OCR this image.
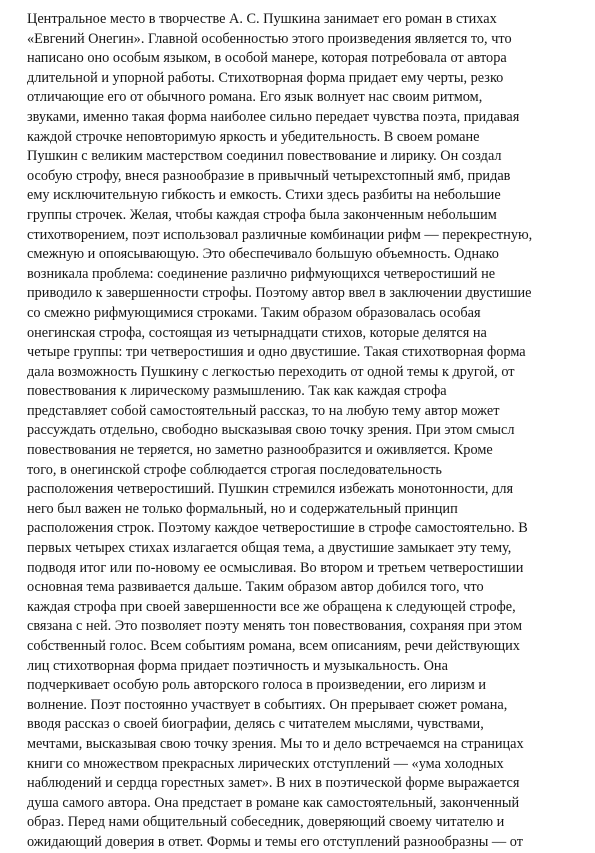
Центральное место в творчестве А. С. Пушкина занимает его роман в стихах
«Евгений Онегин». Главной особенностью этого произведения является то, что
написано оно особым языком, в особой манере, которая потребовала от автора
длительной и упорной работы. Стихотворная форма придает ему черты, резко
отличающие его от обычного романа. Его язык волнует нас своим ритмом,
звуками, именно такая форма наиболее сильно передает чувства поэта, придавая
каждой строчке неповторимую яркость и убедительность. В своем романе
Пушкин с великим мастерством соединил повествование и лирику. Он создал
особую строфу, внеся разнообразие в привычный четырехстопный ямб, придав
ему исключительную гибкость и емкость. Стихи здесь разбиты на небольшие
группы строчек. Желая, чтобы каждая строфа была законченным небольшим
стихотворением, поэт использовал различные комбинации рифм — перекрестную,
смежную и опоясывающую. Это обеспечивало большую объемность. Однако
возникала проблема: соединение различно рифмующихся четверостиший не
приводило к завершенности строфы. Поэтому автор ввел в заключении двустишие
со смежно рифмующимися строками. Таким образом образовалась особая
онегинская строфа, состоящая из четырнадцати стихов, которые делятся на
четыре группы: три четверостишия и одно двустишие. Такая стихотворная форма
дала возможность Пушкину с легкостью переходить от одной темы к другой, от
повествования к лирическому размышлению. Так как каждая строфа
представляет собой самостоятельный рассказ, то на любую тему автор может
рассуждать отдельно, свободно высказывая свою точку зрения. При этом смысл
повествования не теряется, но заметно разнообразится и оживляется. Кроме
того, в онегинской строфе соблюдается строгая последовательность
расположения четверостиший. Пушкин стремился избежать монотонности, для
него был важен не только формальный, но и содержательный принцип
расположения строк. Поэтому каждое четверостишие в строфе самостоятельно. В
первых четырех стихах излагается общая тема, а двустишие замыкает эту тему,
подводя итог или по-новому ее осмысливая. Во втором и третьем четверостишии
основная тема развивается дальше. Таким образом автор добился того, что
каждая строфа при своей завершенности все же обращена к следующей строфе,
связана с ней. Это позволяет поэту менять тон повествования, сохраняя при этом
собственный голос. Всем событиям романа, всем описаниям, речи действующих
лиц стихотворная форма придает поэтичность и музыкальность. Она
подчеркивает особую роль авторского голоса в произведении, его лиризм и
волнение. Поэт постоянно участвует в событиях. Он прерывает сюжет романа,
вводя рассказ о своей биографии, делясь с читателем мыслями, чувствами,
мечтами, высказывая свою точку зрения. Мы то и дело встречаемся на страницах
книги со множеством прекрасных лирических отступлений — «ума холодных
наблюдений и сердца горестных замет». В них в поэтической форме выражается
душа самого автора. Она предстает в романе как самостоятельный, законченный
образ. Перед нами общительный собеседник, доверяющий своему читателю и
ожидающий доверия в ответ. Формы и темы его отступлений разнообразны — от
